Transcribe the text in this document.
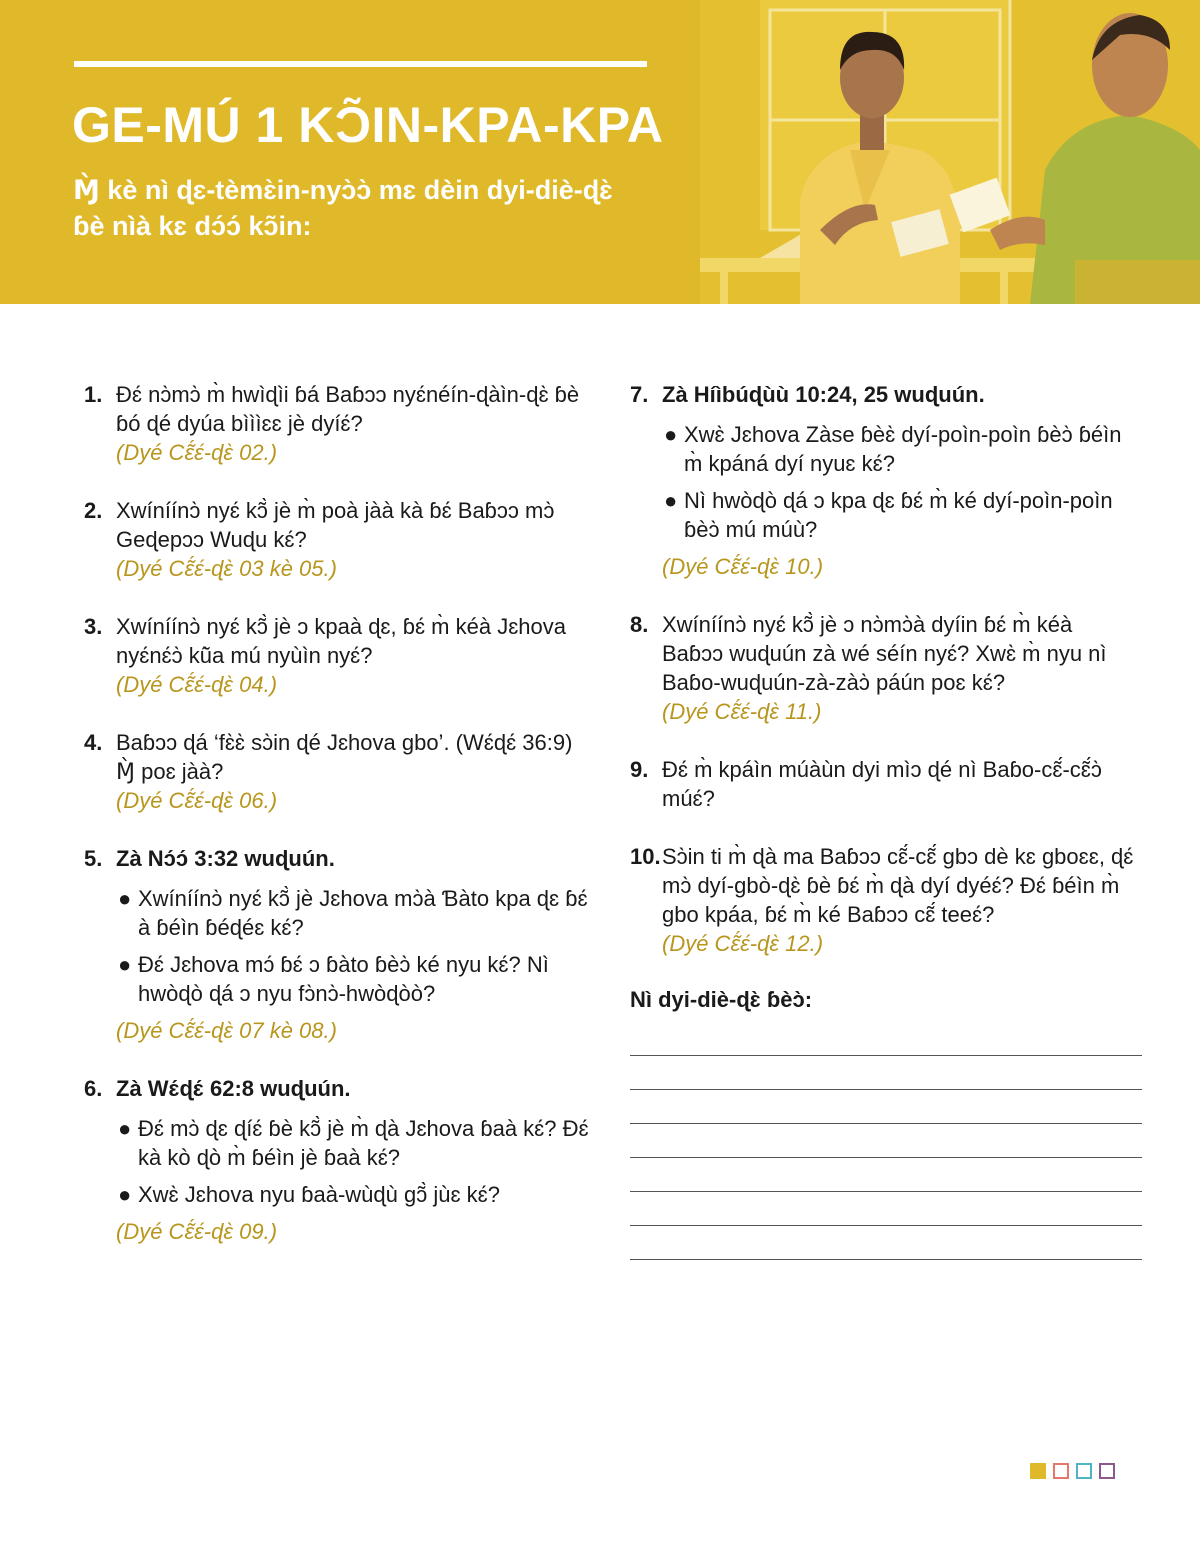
GE-MÚ 1 KƆ̃IN-KPA-KPA

Ɱ̀ kè nì ɖɛ-tèmɛ̀in-nyɔ̀ɔ̀ mɛ dèin dyi-diè-ɖɛ̀ ɓè nìà kɛ dɔ́ɔ́ kɔ̃in:

1. Ɖɛ́ nɔ̀mɔ̀ m̀ hwìɖìi ɓá Baɓɔɔ nyɛ́néín-ɖàìn-ɖɛ̀ ɓè ɓó ɖé dyúa bìììɛɛ jè dyíɛ́?
(Dyé Cɛ̃́ɛ́-ɖɛ̀ 02.)
2. Xwíníínɔ̀ nyɛ́ kɔ̃̀ jè m̀ poà jàà kà ɓɛ́ Baɓɔɔ mɔ̀ Geɖepɔɔ Wuɖu kɛ́?
(Dyé Cɛ̃́ɛ́-ɖɛ̀ 03 kè 05.)
3. Xwíníínɔ̀ nyɛ́ kɔ̃̀ jè ɔ kpaà ɖɛ, ɓɛ́ m̀ kéà Jɛhova nyɛ́nɛ́ɔ̀ kũ̀a mú nyùìn nyɛ́?
(Dyé Cɛ̃́ɛ́-ɖɛ̀ 04.)
4. Baɓɔɔ ɖá ‘fɛ̀ɛ̀ sɔ̀in ɖé Jɛhova gbo’. (Wɛ́ɖɛ́ 36:9) Ɱ̀ poɛ jàà?
(Dyé Cɛ̃́ɛ́-ɖɛ̀ 06.)
5. Zà Nɔ́ɔ́ 3:32 wuɖuún.
● Xwíníínɔ̀ nyɛ́ kɔ̃̀ jè Jɛhova mɔ̀à Ɓàto kpa ɖɛ ɓɛ́ à ɓéìn ɓéɖéɛ kɛ́?
● Ɖɛ́ Jɛhova mɔ́ ɓɛ́ ɔ ɓàto ɓèɔ̀ ké nyu kɛ́? Nì hwòɖò ɖá ɔ nyu fɔ̀nɔ̀-hwòɖòò?
(Dyé Cɛ̃́ɛ́-ɖɛ̀ 07 kè 08.)
6. Zà Wɛ́ɖɛ́ 62:8 wuɖuún.
● Ɖɛ́ mɔ̀ ɖɛ ɖíɛ́ ɓè kɔ̃̀ jè m̀ ɖà Jɛhova ɓaà kɛ́? Ɖɛ́ kà kò ɖò m̀ ɓéìn jè ɓaà kɛ́?
● Xwɛ̀ Jɛhova nyu ɓaà-wùɖù gɔ̃̀ jùɛ kɛ́?
(Dyé Cɛ̃́ɛ́-ɖɛ̀ 09.)
7. Zà Híìbúɖùù 10:24, 25 wuɖuún.
● Xwɛ̀ Jɛhova Zàse ɓèɛ̀ dyí-poìn-poìn ɓèɔ̀ ɓéìn m̀ kpáná dyí nyuɛ kɛ́?
● Nì hwòɖò ɖá ɔ kpa ɖɛ ɓɛ́ m̀ ké dyí-poìn-poìn ɓèɔ̀ mú múù?
(Dyé Cɛ̃́ɛ́-ɖɛ̀ 10.)
8. Xwíníínɔ̀ nyɛ́ kɔ̃̀ jè ɔ nɔ̀mɔ̀à dyíin ɓɛ́ m̀ kéà Baɓɔɔ wuɖuún zà wé séín nyɛ́? Xwɛ̀ m̀ nyu nì Baɓo-wuɖuún-zà-zàɔ̀ páún poɛ kɛ́?
(Dyé Cɛ̃́ɛ́-ɖɛ̀ 11.)
9. Ɖɛ́ m̀ kpáìn múàùn dyi mìɔ ɖé nì Baɓo-cɛ̃́-cɛ̃́ɔ̀ múɛ́?
10. Sɔ̀in ti m̀ ɖà ma Baɓɔɔ cɛ̃́-cɛ̃́ gbɔ dè kɛ gboɛɛ, ɖɛ́ mɔ̀ dyí-gbò-ɖɛ̀ ɓè ɓɛ́ m̀ ɖà dyí dyéɛ́? Ɖɛ́ ɓéìn m̀ gbo kpáa, ɓɛ́ m̀ ké Baɓɔɔ cɛ̃́ teeɛ́?
(Dyé Cɛ̃́ɛ́-ɖɛ̀ 12.)

Nì dyi-diè-ɖɛ̀ ɓèɔ̀:
